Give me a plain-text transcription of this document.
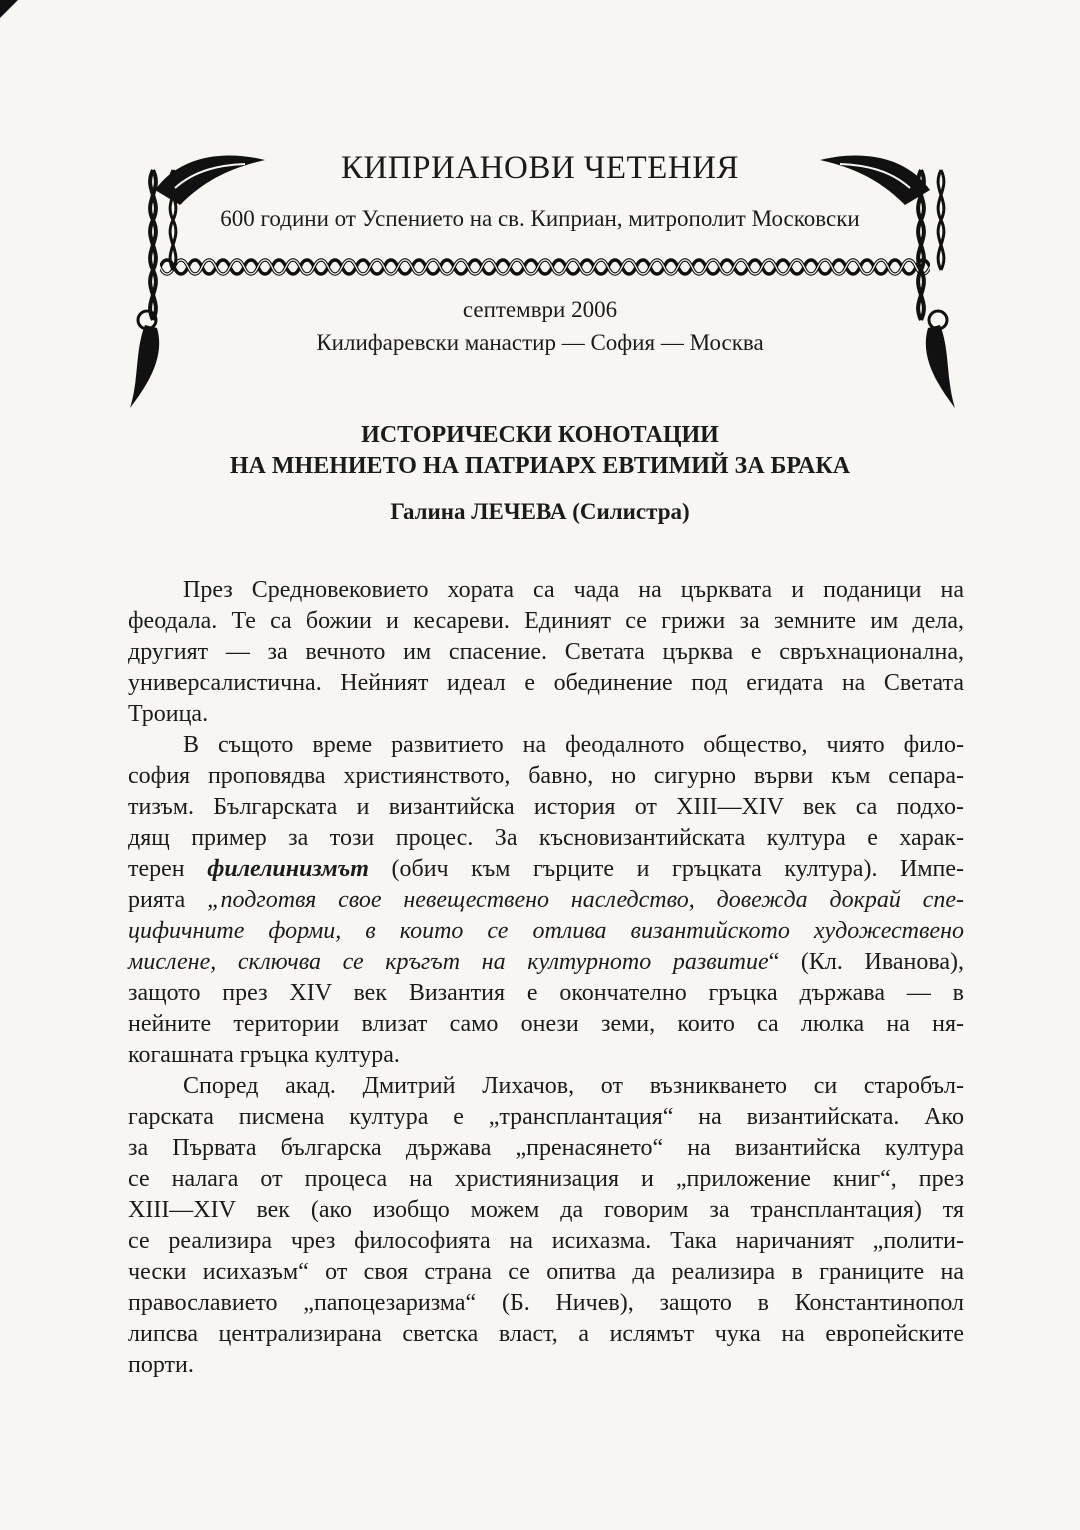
КИПРИАНОВИ ЧЕТЕНИЯ
600 години от Успението на св. Киприан, митрополит Московски
септември 2006
Килифаревски манастир — София — Москва
ИСТОРИЧЕСКИ КОНОТАЦИИ
НА МНЕНИЕТО НА ПАТРИАРХ ЕВТИМИЙ ЗА БРАКА
Галина ЛЕЧЕВА (Силистра)
През Средновековието хората са чада на църквата и поданици на
феодала. Те са божии и кесареви. Единият се грижи за земните им дела,
другият — за вечното им спасение. Светата църква е свръхнационална,
универсалистична. Нейният идеал е обединение под егидата на Светата
Троица.
В същото време развитието на феодалното общество, чиято фило-
софия проповядва християнството, бавно, но сигурно върви към сепара-
тизъм. Българската и византийска история от XIII—XIV век са подхо-
дящ пример за този процес. За късновизантийската култура е харак-
терен филелинизмът (обич към гърците и гръцката култура). Импе-
рията „подготвя свое невеществено наследство, довежда докрай спе-
цифичните форми, в които се отлива византийското художествено
мислене, сключва се кръгът на културното развитие“ (Кл. Иванова),
защото през XIV век Византия е окончателно гръцка държава — в
нейните територии влизат само онези земи, които са люлка на ня-
когашната гръцка култура.
Според акад. Дмитрий Лихачов, от възникването си старобъл-
гарската писмена култура е „трансплантация“ на византийската. Ако
за Първата българска държава „пренасянето“ на византийска култура
се налага от процеса на християнизация и „приложение книг“, през
XIII—XIV век (ако изобщо можем да говорим за трансплантация) тя
се реализира чрез философията на исихазма. Така наричаният „полити-
чески исихазъм“ от своя страна се опитва да реализира в границите на
православието „папоцезаризма“ (Б. Ничев), защото в Константинопол
липсва централизирана светска власт, а ислямът чука на европейските
порти.
